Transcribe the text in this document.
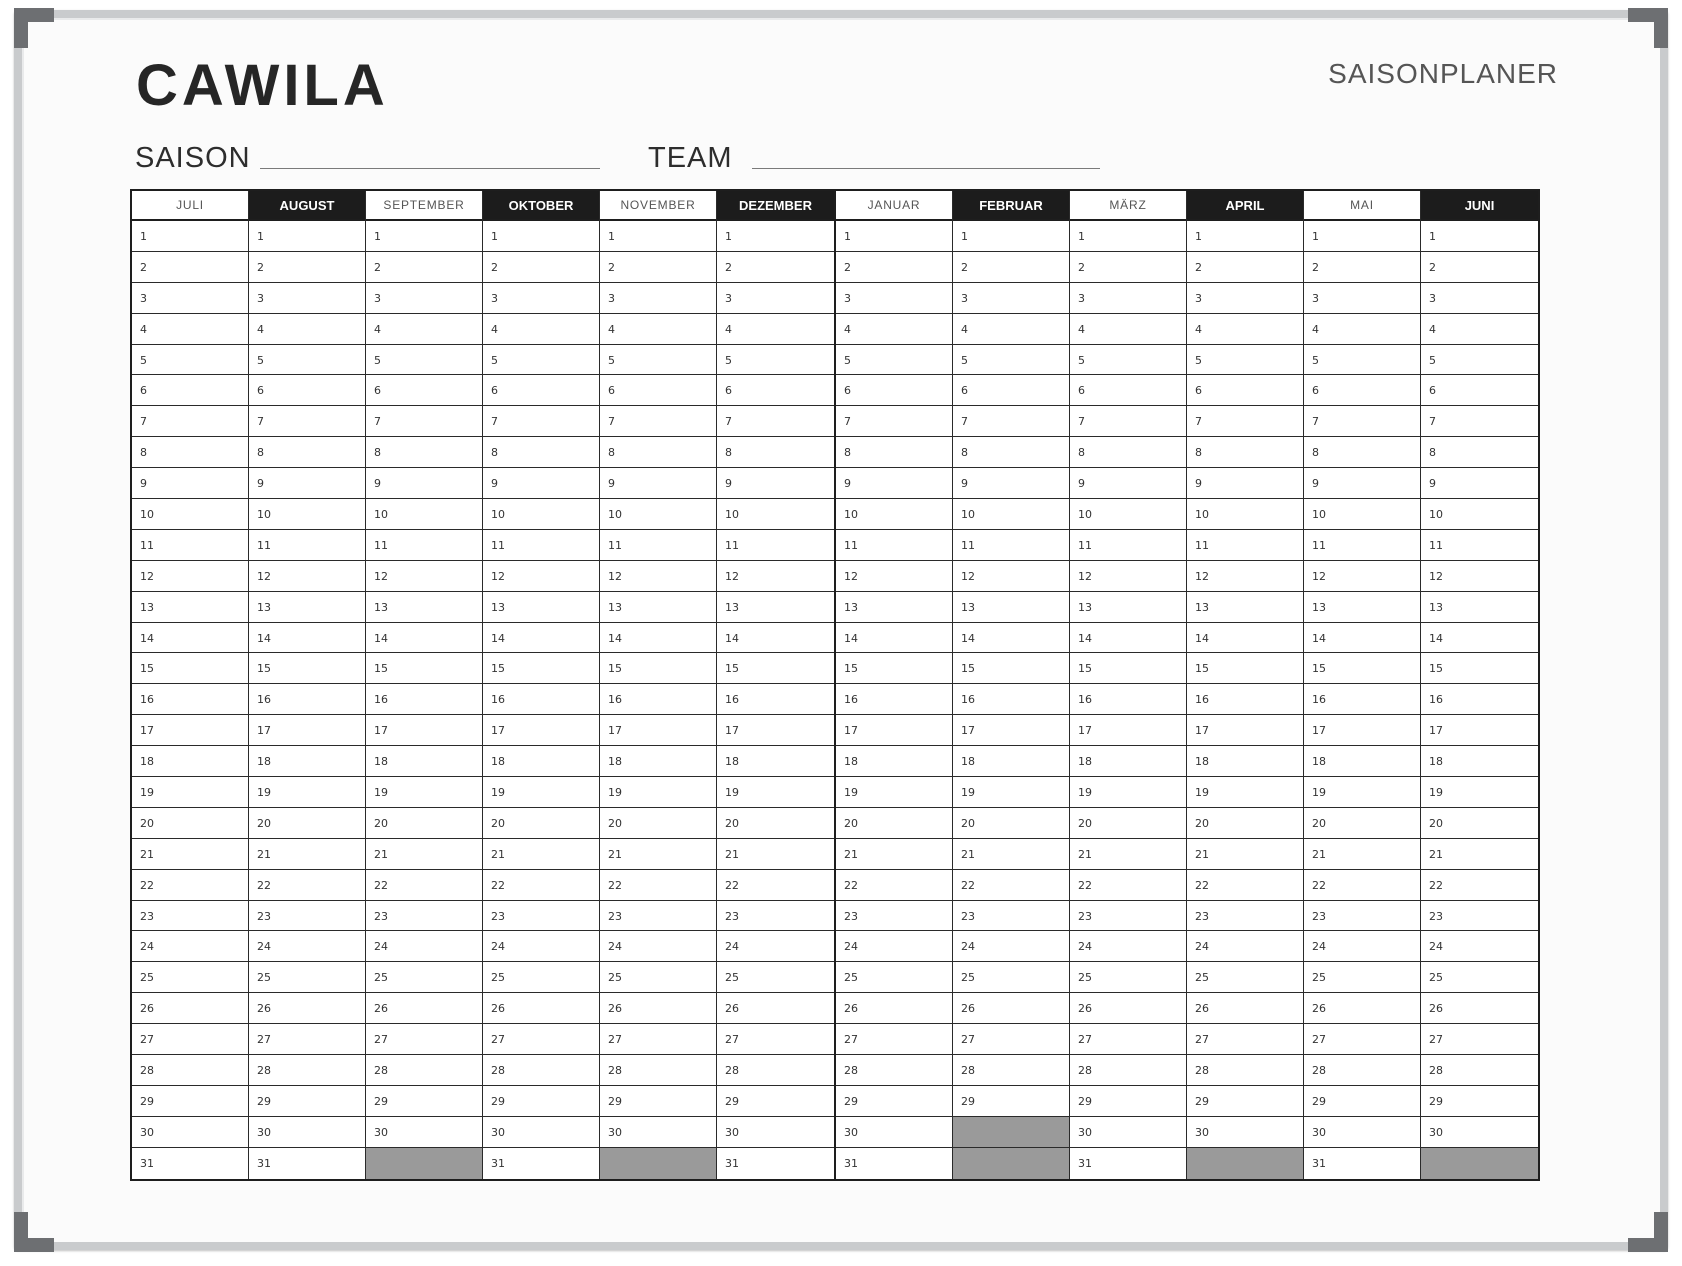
CAWILA	SAISONPLANER
SAISON	TEAM
JULI
1
2
3
4
5
6
7
8
9
10
11
12
13
14
15
16
17
18
19
20
21
22
23
24
25
26
27
28
29
30
31
AUGUST
1
2
3
4
5
6
7
8
9
10
11
12
13
14
15
16
17
18
19
20
21
22
23
24
25
26
27
28
29
30
31
SEPTEMBER
1
2
3
4
5
6
7
8
9
10
11
12
13
14
15
16
17
18
19
20
21
22
23
24
25
26
27
28
29
30
OKTOBER
1
2
3
4
5
6
7
8
9
10
11
12
13
14
15
16
17
18
19
20
21
22
23
24
25
26
27
28
29
30
31
NOVEMBER
1
2
3
4
5
6
7
8
9
10
11
12
13
14
15
16
17
18
19
20
21
22
23
24
25
26
27
28
29
30
DEZEMBER
1
2
3
4
5
6
7
8
9
10
11
12
13
14
15
16
17
18
19
20
21
22
23
24
25
26
27
28
29
30
31
JANUAR
1
2
3
4
5
6
7
8
9
10
11
12
13
14
15
16
17
18
19
20
21
22
23
24
25
26
27
28
29
30
31
FEBRUAR
1
2
3
4
5
6
7
8
9
10
11
12
13
14
15
16
17
18
19
20
21
22
23
24
25
26
27
28
29
MÄRZ
1
2
3
4
5
6
7
8
9
10
11
12
13
14
15
16
17
18
19
20
21
22
23
24
25
26
27
28
29
30
31
APRIL
1
2
3
4
5
6
7
8
9
10
11
12
13
14
15
16
17
18
19
20
21
22
23
24
25
26
27
28
29
30
MAI
1
2
3
4
5
6
7
8
9
10
11
12
13
14
15
16
17
18
19
20
21
22
23
24
25
26
27
28
29
30
31
JUNI
1
2
3
4
5
6
7
8
9
10
11
12
13
14
15
16
17
18
19
20
21
22
23
24
25
26
27
28
29
30
